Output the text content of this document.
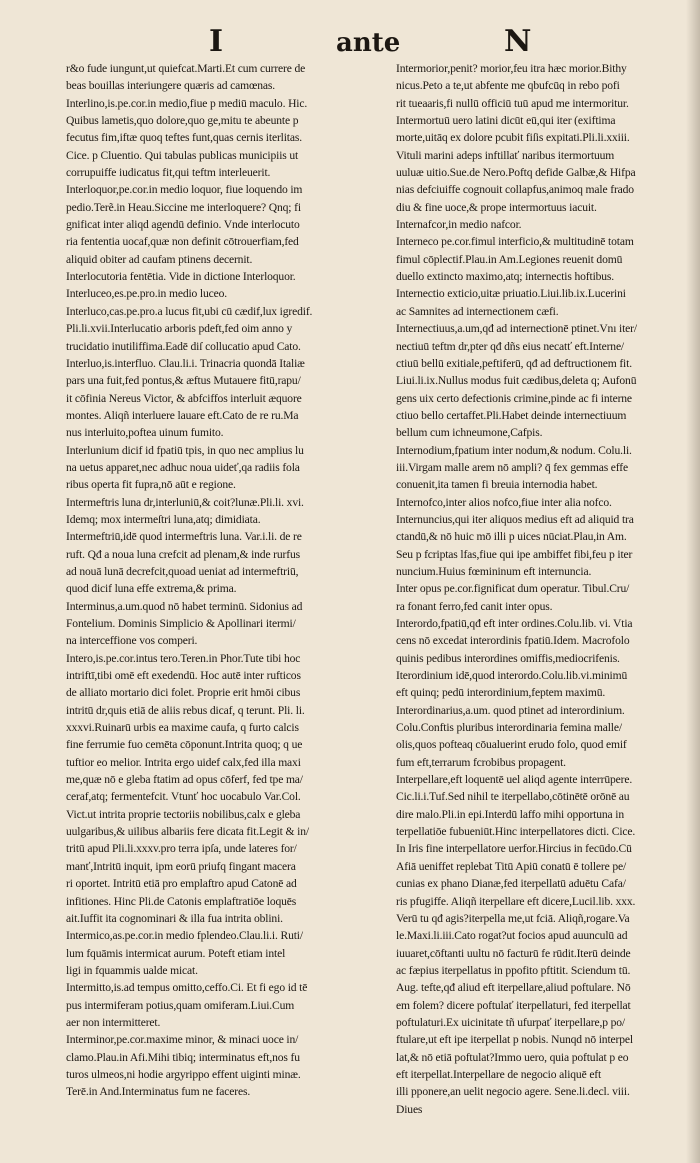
I	ante	N
r&o fude iungunt,ut quiefcat.Marti.Et cum currere de
beas bouillas interiungere quæris ad camœnas.
Interlino,is.pe.cor.in medio,fiue p mediū maculo. Hic.
Quibus lametis,quo dolore,quo ge,mitu te abeunte p
fecutus fim,iftæ quoq teftes funt,quas cernis iterlitas.
Cice. p Cluentio. Qui tabulas publicas municipiis ut
corrupuiffe iudicatus fit,qui teftm interleuerit.
Interloquor,pe.cor.in medio loquor, fiue loquendo im
pedio.Terẽ.in Heau.Siccine me interloquere? Qnq; fi
gnificat inter aliqd agendū definio. Vnde interlocuto
ria fententia uocaf,quæ non definit cōtrouerfiam,fed
aliquid obiter ad caufam ptinens decernit.
Interlocutoria fentētia. Vide in dictione Interloquor.
Interluceo,es.pe.pro.in medio luceo.
Interluco,cas.pe.pro.a lucus fit,ubi cū cædif,lux igredif.
Pli.li.xvii.Interlucatio arboris pdeft,fed oim anno y
trucidatio inutiliffima.Eadē diſ collucatio apud Cato.
Interluo,is.interfluo. Clau.li.i. Trinacria quondā Italiæ
pars una fuit,fed pontus,& æftus Mutauere fitū,rapu/
it cōfinia Nereus Victor, & abfciffos interluit æquore
montes. Aliqñ interluere lauare eft.Cato de re ru.Ma
nus interluito,poftea uinum fumito.
Interlunium dicif id fpatiū tpis, in quo nec amplius lu
na uetus apparet,nec adhuc noua uideť,qa radiis fola
ribus operta fit fupra,nō aūt e regione.
Intermeftris luna dr,interluniū,& coit?lunæ.Pli.li. xvi.
Idemq; mox intermeſtri luna,atq; dimidiata.
Intermeftriū,idē quod intermeftris luna. Var.i.li. de re
ruft. Qđ a noua luna crefcit ad plenam,& inde rurfus
ad nouā lunā decrefcit,quoad ueniat ad intermeftriū,
quod dicif luna effe extrema,& prima.
Interminus,a.um.quod nō habet terminū. Sidonius ad
Fontelium. Dominis Simplicio & Apollinari itermi/
na interceffione vos comperi.
Intero,is.pe.cor.intus tero.Teren.in Phor.Tute tibi hoc
intriftī,tibi omē eft exedendū. Hoc autē inter rufticos
de alliato mortario dici folet. Proprie erit hmōi cibus
intritū dr,quis etiā de aliis rebus dicaf, q terunt. Pli. li.
xxxvi.Ruinarū urbis ea maxime caufa, q furto calcis
fine ferrumie fuo cemēta cōponunt.Intrita quoq; q ue
tuftior eo melior. Intrita ergo uidef calx,fed illa maxi
me,quæ nō e gleba ftatim ad opus cōferf, fed tpe ma/
ceraf,atq; fermentefcit. Vtunť hoc uocabulo Var.Col.
Vict.ut intrita proprie tectoriis nobilibus,calx e gleba
uulgaribus,& uilibus albariis fere dicata fit.Legit & in/
tritū apud Pli.li.xxxv.pro terra ipſa, unde lateres for/
manť,Intritū inquit, ipm eorū priufq fingant macera
ri oportet. Intritū etiā pro emplaftro apud Catonē ad
infitiones. Hinc Pli.de Catonis emplaftratiōe loquēs
ait.Iuffit ita cognominari & illa fua intrita oblini.
Intermico,as.pe.cor.in medio fplendeo.Clau.li.i. Ruti/
lum fquāmis intermicat aurum. Poteft etiam intel
ligi in fquammis ualde micat.
Intermitto,is.ad tempus omitto,ceffo.Ci. Et fi ego id tē
pus intermiferam potius,quam omiferam.Liui.Cum
aer non intermitteret.
Interminor,pe.cor.maxime minor, & minaci uoce in/
clamo.Plau.in Afi.Mihi tibiq; interminatus eft,nos fu
turos ulmeos,ni hodie argyrippo effent uiginti minæ.
Terē.in And.Interminatus fum ne faceres.
Intermorior,penit? morior,feu itra hæc morior.Bithy
nicus.Peto a te,ut abfente me qbufcūq in rebo pofi
rit tueaaris,fi nullū officiū tuū apud me intermoritur.
Intermortuū uero latini dicūt eū,qui iter (exiftima
morte,uitāq ex dolore pcubit fiſis expitati.Pli.li.xxiii.
Vituli marini adeps inftillať naribus itermortuum
uuluæ uitio.Sue.de Nero.Poftq defide Galbæ,& Hifpa
nias defciuiffe cognouit collapfus,animoq male frado
diu & fine uoce,& prope intermortuus iacuit.
Internafcor,in medio nafcor.
Interneco pe.cor.fimul interficio,& multitudinē totam
fimul cōplectif.Plau.in Am.Legiones reuenit domū
duello extincto maximo,atq; internectis hoftibus.
Internectio exticio,uitæ priuatio.Liui.lib.ix.Lucerini
ac Samnites ad internectionem cæfi.
Internectiuus,a.um,qđ ad internectionē ptinet.Vnı iter/
nectiuū teftm dr,pter qđ dñs eius necatť eft.Interne/
ctiuū bellū exitiale,peftiferū, qđ ad deftructionem fit.
Liui.li.ix.Nullus modus fuit cædibus,deleta q; Aufonū
gens uix certo defectionis crimine,pinde ac fi interne
ctiuo bello certaffet.Pli.Habet deinde internectiuum
bellum cum ichneumone,Cafpis.
Internodium,fpatium inter nodum,& nodum. Colu.li.
iii.Virgam malle arem nō ampli? q̄ fex gemmas effe
conuenit,ita tamen fi breuia internodia habet.
Internofco,inter alios nofco,fiue inter alia nofco.
Internuncius,qui iter aliquos medius eft ad aliquid tra
ctandū,& nō huic mō illi p uices nūciat.Plau,in Am.
Seu p fcriptas lfas,fiue qui ipe ambiffet fibi,feu p iter
nuncium.Huius fœmininum eft internuncia.
Inter opus pe.cor.fignificat dum operatur. Tibul.Cru/
ra fonant ferro,fed canit inter opus.
Interordo,fpatiū,qđ eft inter ordines.Colu.lib. vi. Vtia
cens nō excedat interordinis fpatiū.Idem. Macrofolo
quinis pedibus interordines omiffis,mediocrifenis.
Iterordinium idē,quod interordo.Colu.lib.vi.minimū
eft quinq; pedū interordinium,feptem maximū.
Interordinarius,a.um. quod ptinet ad interordinium.
Colu.Conftis pluribus interordinaria femina malle/
olis,quos pofteaq cōualuerint erudo folo, quod emif
fum eft,terrarum fcrobibus propagent.
Interpellare,eft loquentē uel aliqd agente interrūpere.
Cic.li.i.Tuf.Sed nihil te iterpellabo,cōtinētē orōnē au
dire malo.Pli.in epi.Interdū laffo mihi opportuna in
terpellatiōe fubueniūt.Hinc interpellatores dicti. Cice.
In Iris fine interpellatore uerfor.Hircius in fecūdo.Cū
Afiā ueniffet replebat Titū Apiū conatū ē tollere pe/
cunias ex phano Dianæ,fed iterpellatū aduētu Cafa/
ris pfugiffe. Aliqñ iterpellare eft dicere,Lucil.lib. xxx.
Verū tu qđ agis?iterpella me,ut fciā. Aliqñ,rogare.Va
le.Maxi.li.iii.Cato rogat?ut focios apud auunculū ad
iuuaret,cōftanti uultu nō facturū fe rūdit.Iterū deinde
ac fæpius iterpellatus in ppofito pftitit. Sciendum tū.
Aug. tefte,qđ aliud eft iterpellare,aliud poftulare. Nō
em folem? dicere poftulať iterpellaturi, fed iterpellat
poftulaturi.Ex uicinitate tñ ufurpať iterpellare,p po/
ftulare,ut eft ipe iterpellat p nobis. Nunqd nō interpel
lat,& nō etiā poftulat?Immo uero, quia poftulat p eo
eft iterpellat.Interpellare de negocio aliquē eft
illi pponere,an uelit negocio agere. Sene.li.decl. viii.
Diues
